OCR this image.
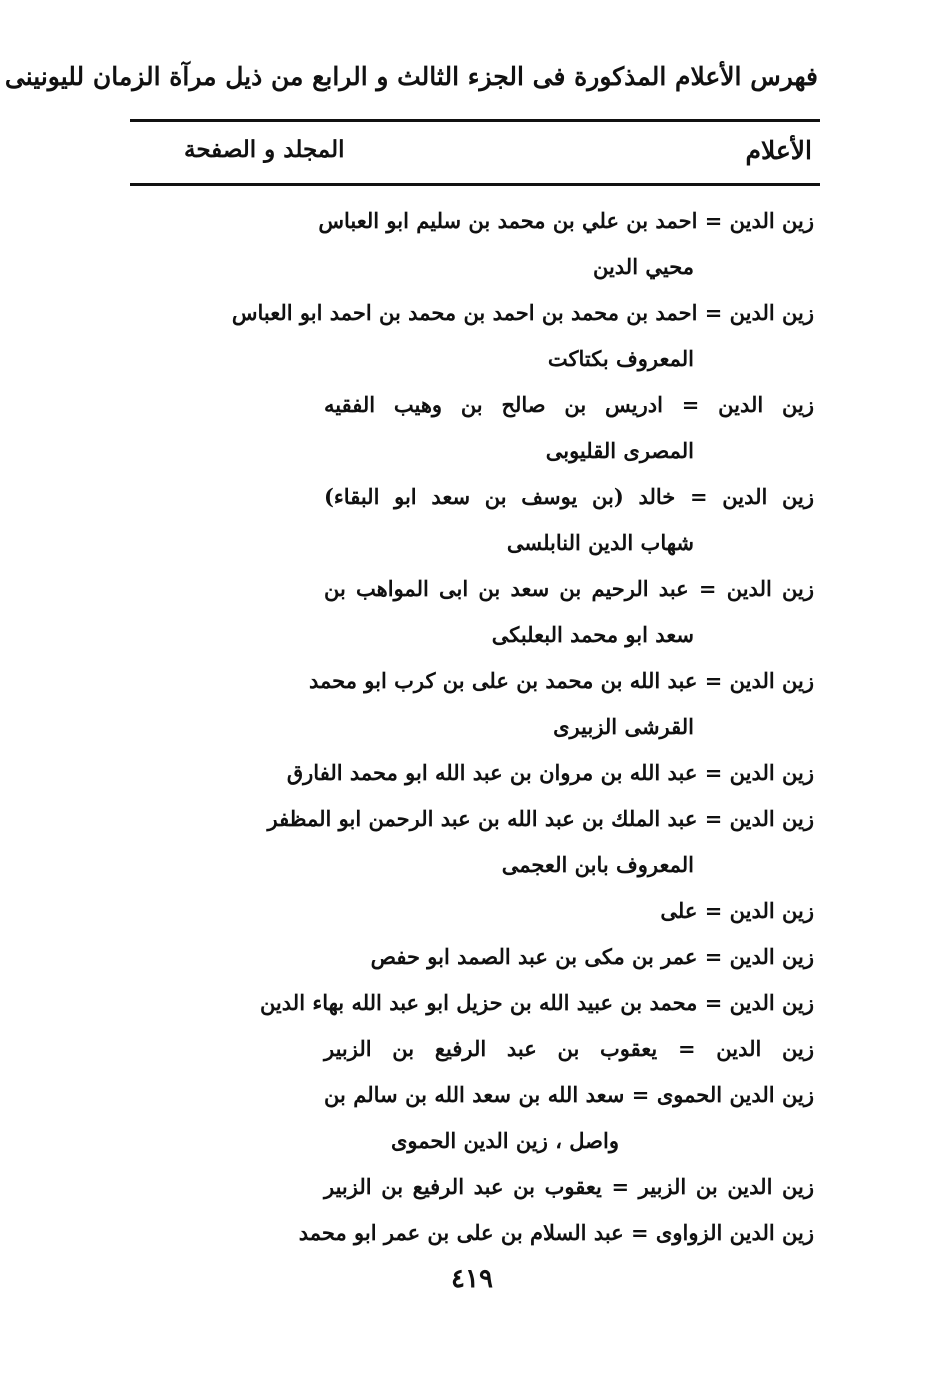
فهرس الأعلام المذكورة فى الجزء الثالث و الرابع من ذيل مرآة الزمان لليونينى
الأعلام
المجلد و الصفحة
زين الدين = احمد بن علي بن محمد بن سليم ابو العباس
محيي الدين
زين الدين = احمد بن محمد بن احمد بن محمد بن احمد ابو العباس
المعروف بكتاكت
زين الدين = ادريس بن صالح بن وهيب الفقيه
المصرى القليوبى
زين الدين = خالد (بن يوسف بن سعد ابو البقاء)
شهاب الدين النابلسى
زين الدين = عبد الرحيم بن سعد بن ابى المواهب بن
سعد ابو محمد البعلبكى
زين الدين = عبد الله بن محمد بن على بن كرب ابو محمد
القرشى الزبيرى
زين الدين = عبد الله بن مروان بن عبد الله ابو محمد الفارق
زين الدين = عبد الملك بن عبد الله بن عبد الرحمن ابو المظفر
المعروف بابن العجمى
زين الدين = على
زين الدين = عمر بن مكى بن عبد الصمد ابو حفص
زين الدين = محمد بن عبيد الله بن حزيل ابو عبد الله بهاء الدين
زين الدين = يعقوب بن عبد الرفيع بن الزبير
زين الدين الحموى = سعد الله بن سعد الله بن سالم بن
واصل ، زين الدين الحموى
زين الدين بن الزبير = يعقوب بن عبد الرفيع بن الزبير
زين الدين الزواوى = عبد السلام بن على بن عمر ابو محمد
٤١٩
